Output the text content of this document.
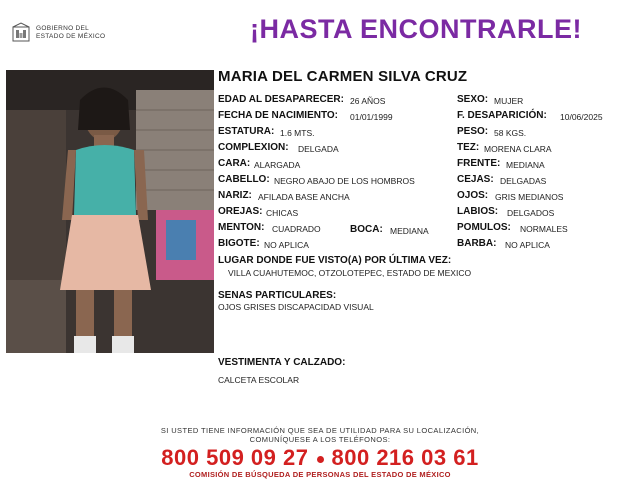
GOBIERNO DEL
ESTADO DE MÉXICO	¡HASTA ENCONTRARLE!
MARIA DEL CARMEN SILVA CRUZ
EDAD AL DESAPARECER: 26 AÑOS
FECHA DE NACIMIENTO: 01/01/1999
ESTATURA: 1.6 MTS.
COMPLEXION: DELGADA
CARA: ALARGADA
CABELLO: NEGRO ABAJO DE LOS HOMBROS
NARIZ: AFILADA BASE ANCHA
OREJAS: CHICAS
MENTON: CUADRADO	BOCA: MEDIANA
BIGOTE: NO APLICA
SEXO: MUJER
F. DESAPARICIÓN: 10/06/2025
PESO: 58 KGS.
TEZ: MORENA CLARA
FRENTE: MEDIANA
CEJAS: DELGADAS
OJOS: GRIS MEDIANOS
LABIOS: DELGADOS
POMULOS: NORMALES
BARBA: NO APLICA
LUGAR DONDE FUE VISTO(A) POR ÚLTIMA VEZ:
VILLA CUAHUTEMOC, OTZOLOTEPEC, ESTADO DE MEXICO
SENAS PARTICULARES:
OJOS GRISES DISCAPACIDAD VISUAL
VESTIMENTA Y CALZADO:
CALCETA ESCOLAR
SI USTED TIENE INFORMACIÓN QUE SEA DE UTILIDAD PARA SU LOCALIZACIÓN,
COMUNÍQUESE A LOS TELÉFONOS:
800 509 09 27 800 216 03 61
COMISIÓN DE BÚSQUEDA DE PERSONAS DEL ESTADO DE MÉXICO
